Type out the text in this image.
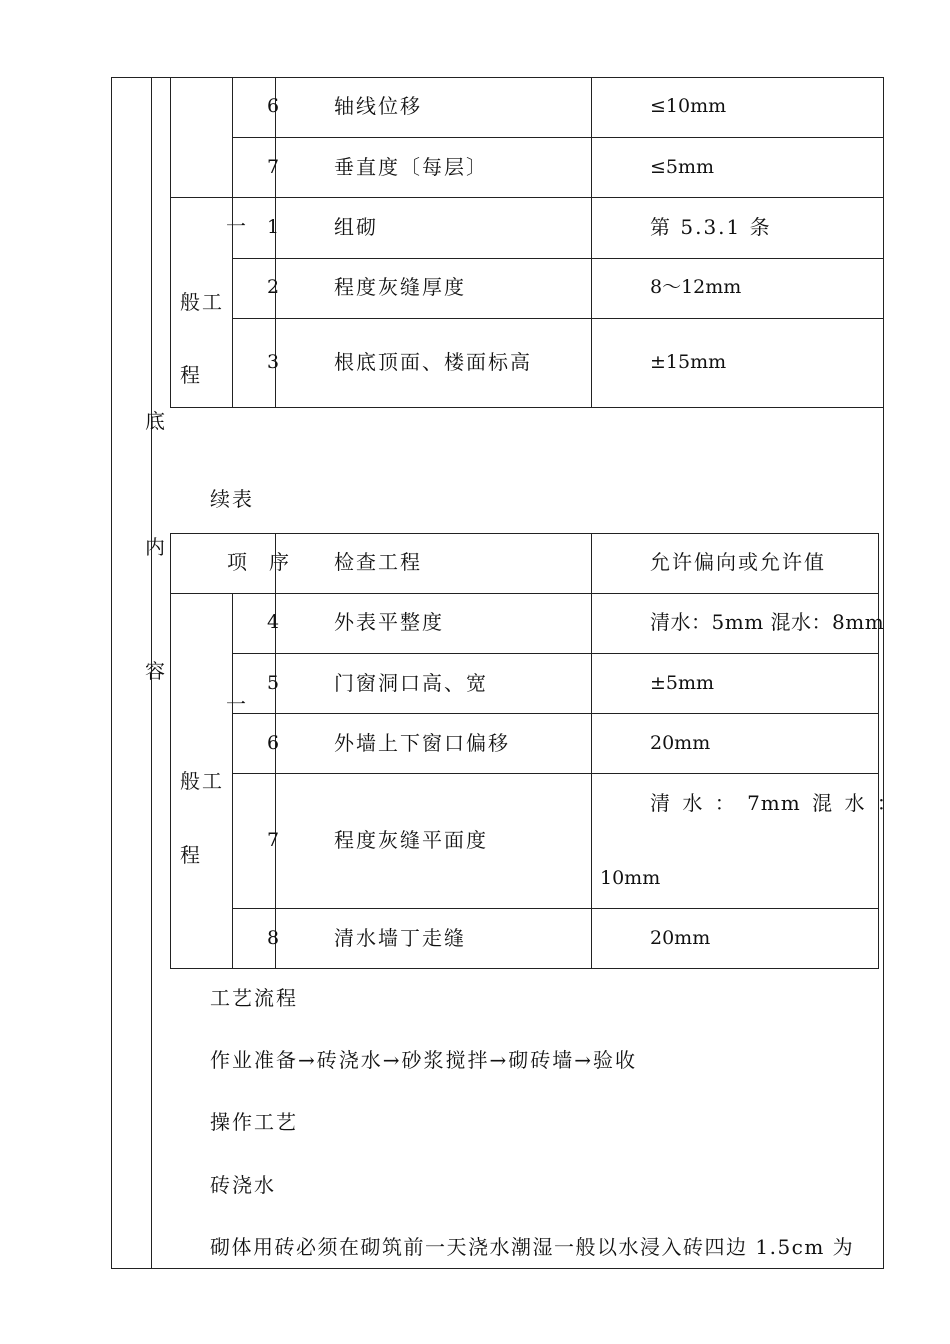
底
内
容
一
般工
程
6	轴线位移	≤10mm
7	垂直度〔每层〕	≤5mm
1	组砌	第 5.3.1 条
2	程度灰缝厚度	8～12mm
3	根底顶面、楼面标高	±15mm
续表
项 序 检查工程	允许偏向或允许值
一
般工
程
4	外表平整度	清水：5mm 混水：8mm
5	门窗洞口高、宽	±5mm
6	外墙上下窗口偏移	20mm
7	程度灰缝平面度
清 水 ： 7mm 混 水 ：
10mm
8	清水墙丁走缝	20mm
工艺流程
作业准备→砖浇水→砂浆搅拌→砌砖墙→验收
操作工艺
砖浇水
砌体用砖必须在砌筑前一天浇水潮湿一般以水浸入砖四边 1.5cm 为
